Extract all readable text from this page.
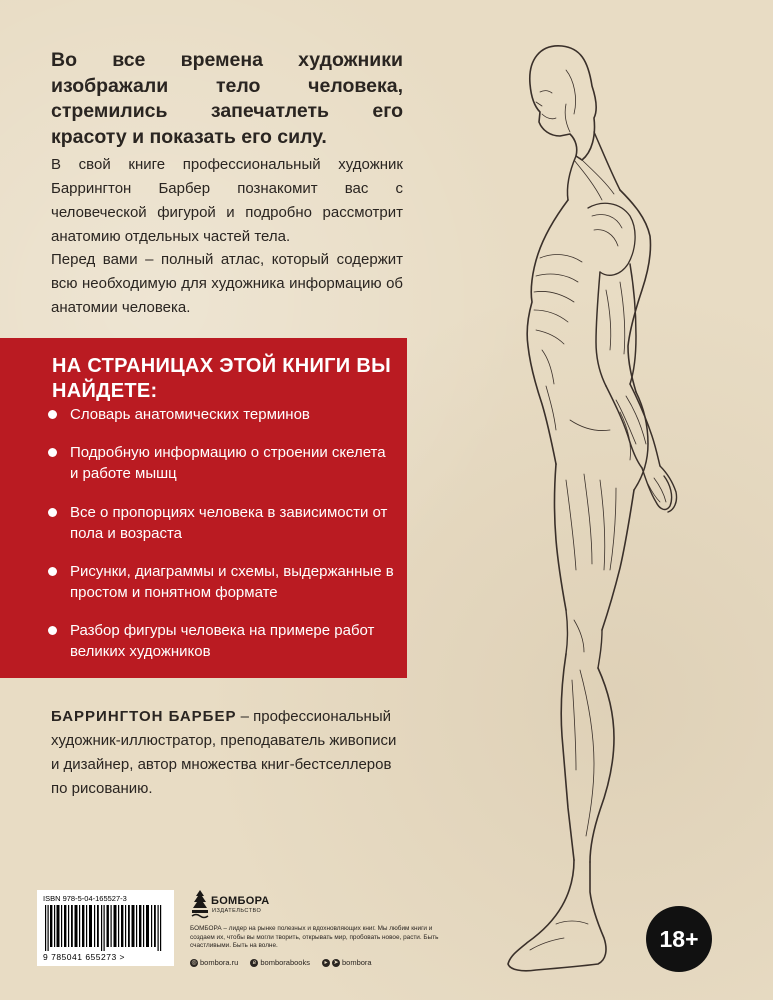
Во все времена художники изображали тело человека, стремились запечатлеть его красоту и показать его силу.

В свой книге профессиональный художник Баррингтон Барбер познакомит вас с человеческой фигурой и подробно рассмотрит анатомию отдельных частей тела.

Перед вами – полный атлас, который содержит всю необходимую для художника информацию об анатомии человека.

НА СТРАНИЦАХ ЭТОЙ КНИГИ ВЫ НАЙДЕТЕ:
Словарь анатомических терминов
Подробную информацию о строении скелета и работе мышц
Все о пропорциях человека в зависимости от пола и возраста
Рисунки, диаграммы и схемы, выдержанные в простом и понятном формате
Разбор фигуры человека на примере работ великих художников

БАРРИНГТОН БАРБЕР – профессиональный художник-иллюстратор, преподаватель живописи и дизайнер, автор множества книг-бестселлеров по рисованию.

ISBN 978-5-04-165527-3
9 785041 655273 >
БОМБОРА
ИЗДАТЕЛЬСТВО

БОМБОРА – лидер на рынке полезных и вдохновляющих книг. Мы любим книги и создаем их, чтобы вы могли творить, открывать мир, пробовать новое, расти. Быть счастливыми. Быть на волне.

◎ bombora.ru	в bomborabooks	▸ ➤ bombora
18+
